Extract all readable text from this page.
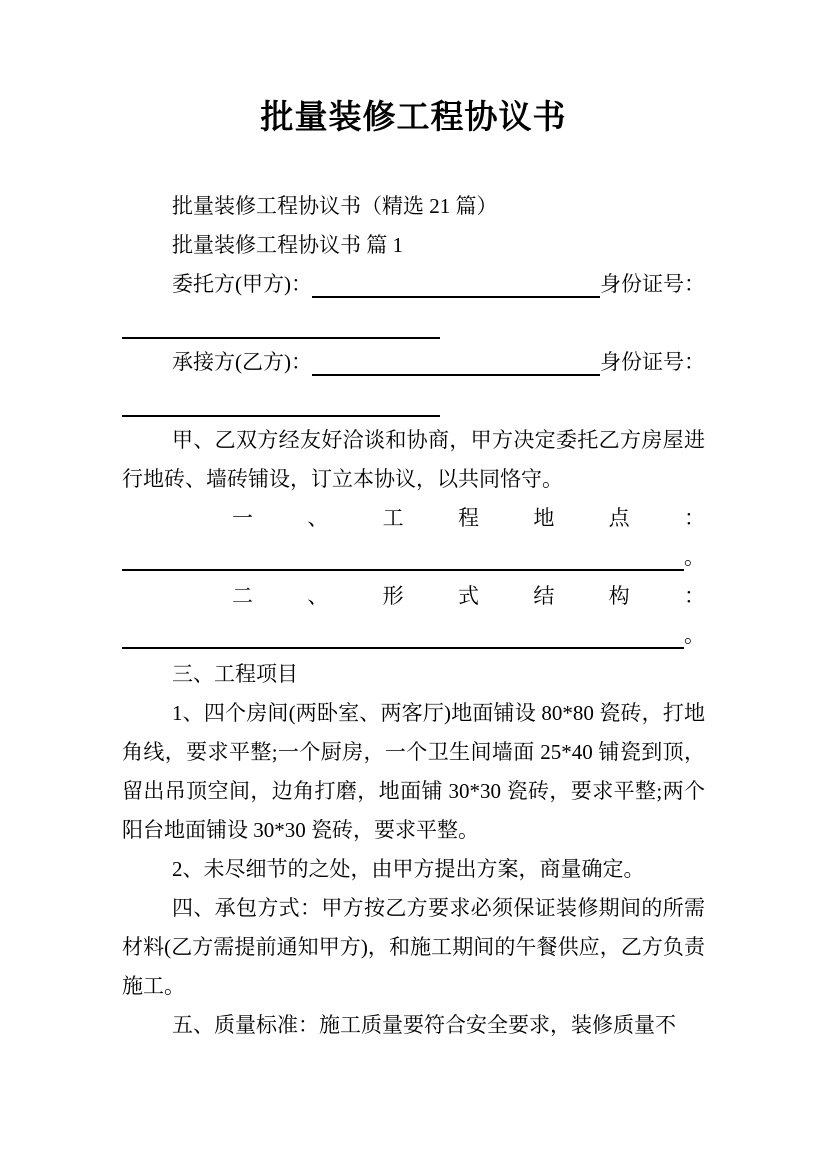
批量装修工程协议书
批量装修工程协议书（精选 21 篇）
批量装修工程协议书 篇 1
委托方(甲方)：	身份证号：
承接方(乙方)：	身份证号：
甲、乙双方经友好洽谈和协商，甲方决定委托乙方房屋进行地砖、墙砖铺设，订立本协议，以共同恪守。
一、工程地点：
。
二、形式结构：
。
三、工程项目
1、四个房间(两卧室、两客厅)地面铺设 80*80 瓷砖，打地角线，要求平整;一个厨房，一个卫生间墙面 25*40 铺瓷到顶，留出吊顶空间，边角打磨，地面铺 30*30 瓷砖，要求平整;两个阳台地面铺设 30*30 瓷砖，要求平整。
2、未尽细节的之处，由甲方提出方案，商量确定。
四、承包方式：甲方按乙方要求必须保证装修期间的所需材料(乙方需提前通知甲方)，和施工期间的午餐供应，乙方负责施工。
五、质量标准：施工质量要符合安全要求，装修质量不
